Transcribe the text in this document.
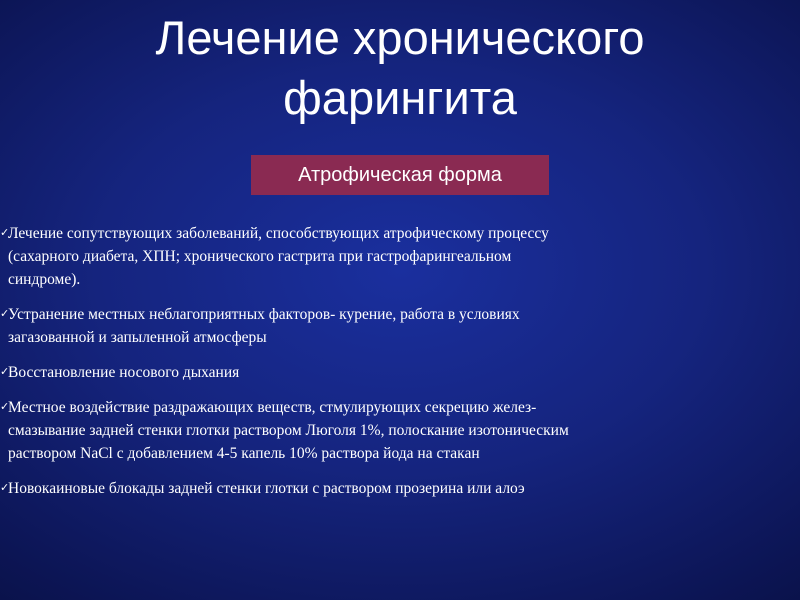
Лечение хронического
фарингита
Атрофическая форма
✓
Лечение сопутствующих заболеваний, способствующих атрофическому процессу
(сахарного диабета, ХПН; хронического гастрита при гастрофарингеальном
синдроме).
✓
Устранение местных неблагоприятных факторов- курение, работа в условиях
загазованной и запыленной атмосферы
✓
Восстановление носового дыхания
✓
Местное воздействие раздражающих веществ, стмулирующих секрецию желез-
смазывание задней стенки глотки раствором Люголя 1%, полоскание изотоническим
раствором NaCl с добавлением 4-5 капель 10% раствора йода на стакан
✓
Новокаиновые блокады задней стенки глотки с раствором прозерина или алоэ
